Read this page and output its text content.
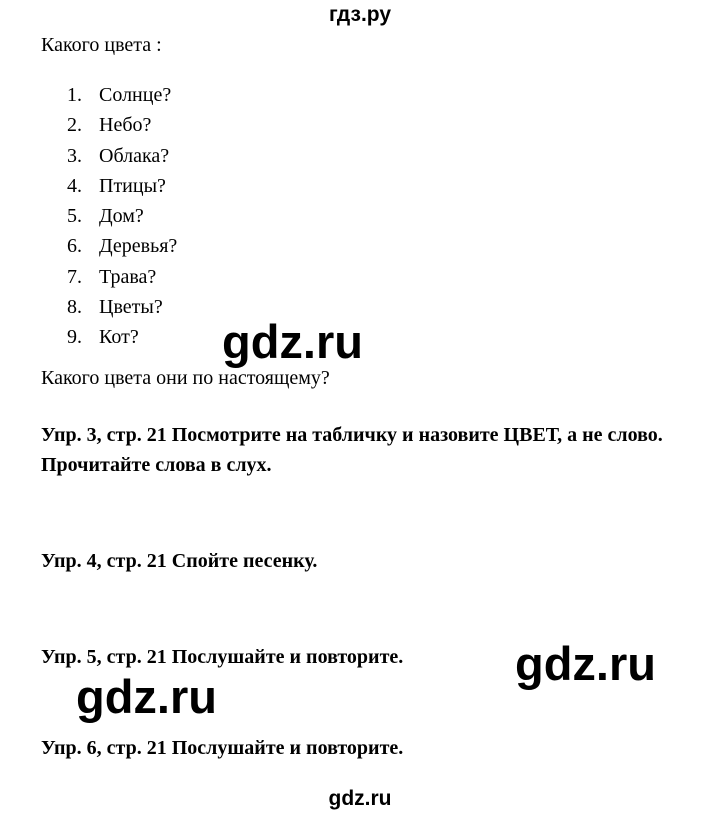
гдз.ру
Какого цвета :
1. Солнце?
2. Небо?
3. Облака?
4. Птицы?
5. Дом?
6. Деревья?
7. Трава?
8. Цветы?
9. Кот?	gdz.ru
Какого цвета они по настоящему?
Упр. 3, стр. 21 Посмотрите на табличку и назовите ЦВЕТ, а не слово. Прочитайте слова в слух.
Упр. 4, стр. 21 Спойте песенку.
Упр. 5, стр. 21 Послушайте и повторите. gdz.ru
gdz.ru
Упр. 6, стр. 21 Послушайте и повторите.
gdz.ru
